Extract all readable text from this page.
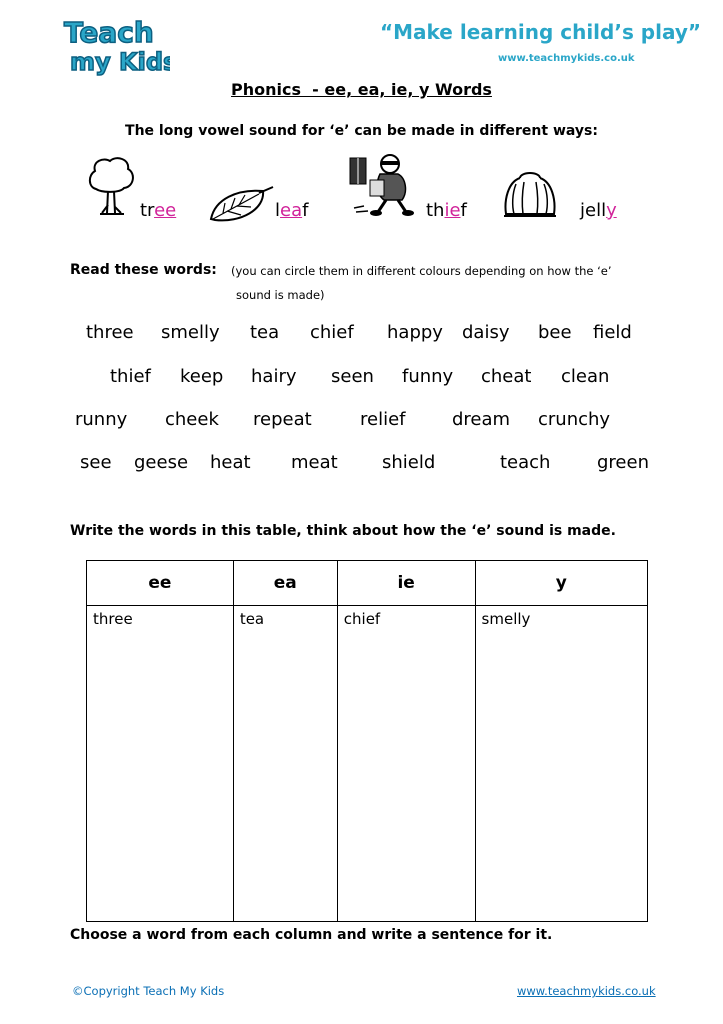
Teach
my Kids
“Make learning child’s play”
www.teachmykids.co.uk
Phonics  - ee, ea, ie, y Words
The long vowel sound for ‘e’ can be made in different ways:
tree	leaf	thief	jelly
Read these words: (you can circle them in different colours depending on how the ‘e’
sound is made)
three smelly tea chief happy daisy bee field
thief keep hairy seen funny cheat clean
runny cheek repeat	relief	dream crunchy
see geese heat meat shield	teach	green
Write the words in this table, think about how the ‘e’ sound is made.
ee	ea	ie	y
three	tea	chief	smelly
Choose a word from each column and write a sentence for it.
©Copyright Teach My Kids	www.teachmykids.co.uk
